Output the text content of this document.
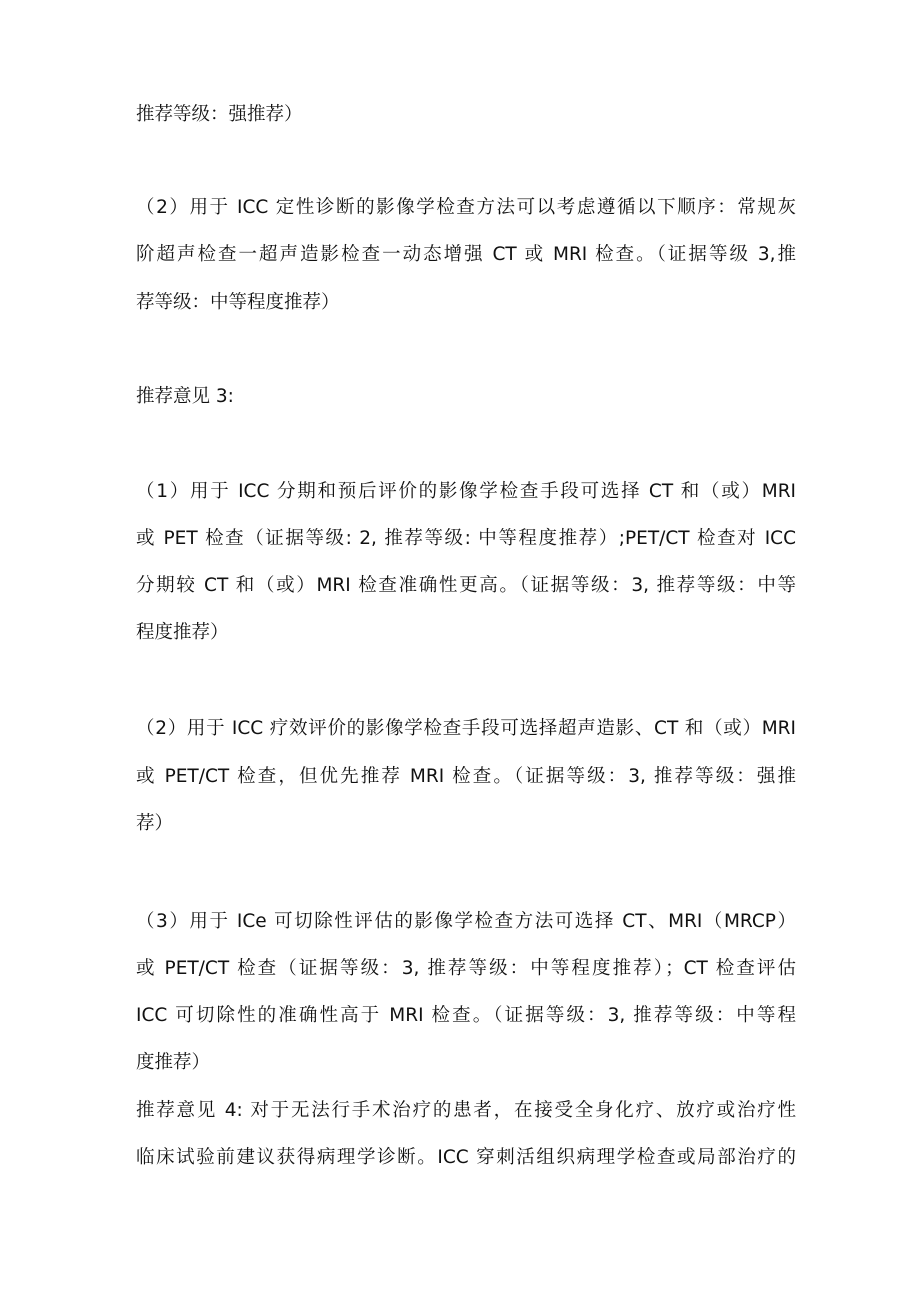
推荐等级：强推荐）
（2）用于 ICC 定性诊断的影像学检查方法可以考虑遵循以下顺序：常规灰
阶超声检查一超声造影检查一动态增强 CT 或 MRI 检查。（证据等级 3,推
荐等级：中等程度推荐）
推荐意见 3:
（1）用于 ICC 分期和预后评价的影像学检查手段可选择 CT 和（或）MRI
或 PET 检查（证据等级: 2, 推荐等级: 中等程度推荐）;PET/CT 检查对 ICC
分期较 CT 和（或）MRI 检查准确性更高。（证据等级：3, 推荐等级：中等
程度推荐）
（2）用于 ICC 疗效评价的影像学检查手段可选择超声造影、CT 和（或）MRI
或 PET/CT 检查，但优先推荐 MRI 检查。（证据等级：3, 推荐等级：强推
荐）
（3）用于 ICe 可切除性评估的影像学检查方法可选择 CT、MRI（MRCP）
或 PET/CT 检查（证据等级：3, 推荐等级：中等程度推荐）；CT 检查评估
ICC 可切除性的准确性高于 MRI 检查。（证据等级：3, 推荐等级：中等程
度推荐）
推荐意见 4: 对于无法行手术治疗的患者，在接受全身化疗、放疗或治疗性
临床试验前建议获得病理学诊断。ICC 穿刺活组织病理学检查或局部治疗的
